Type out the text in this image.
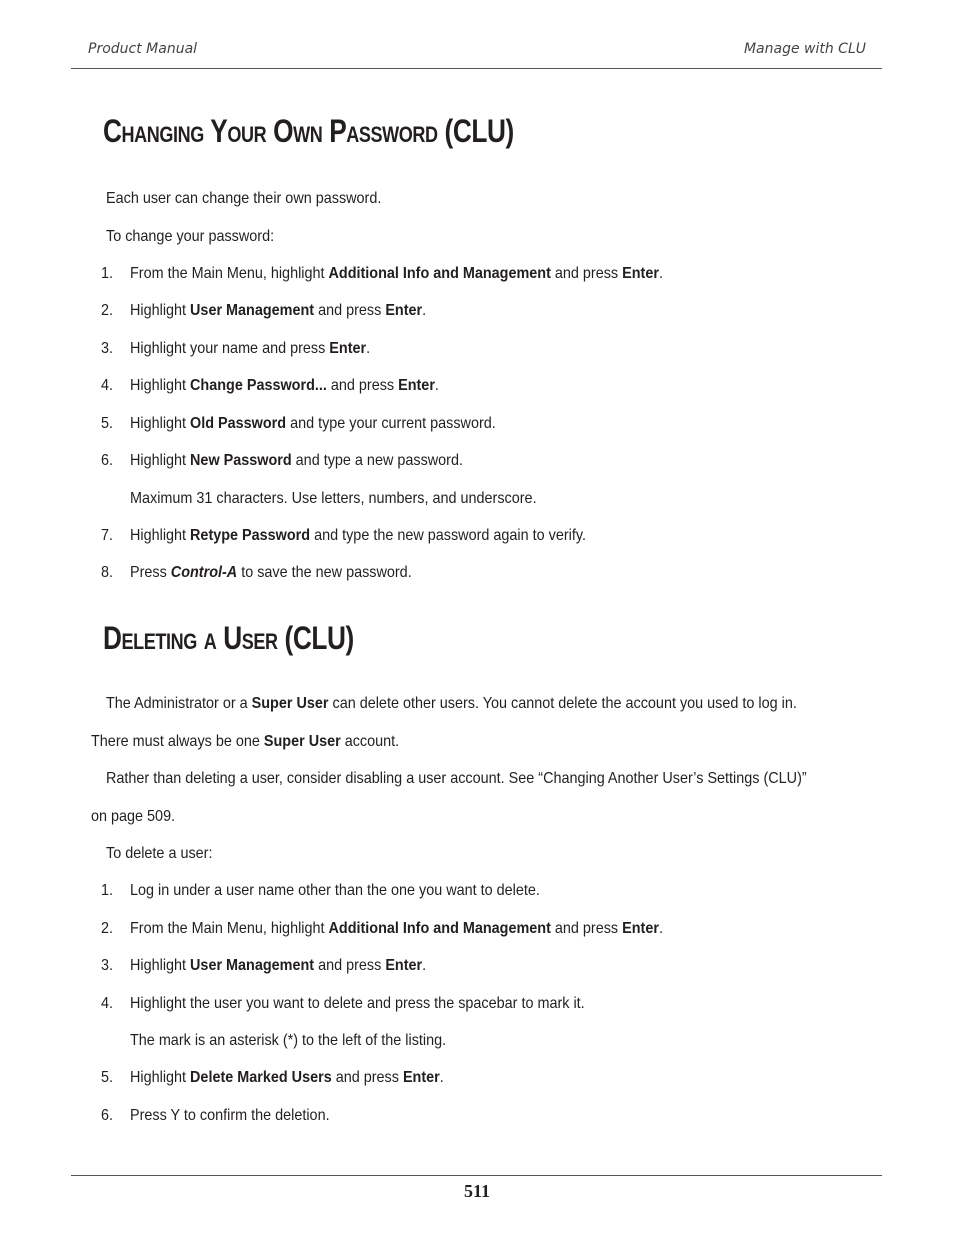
Product Manual	Manage with CLU
CHANGING YOUR OWN PASSWORD (CLU)
Each user can change their own password.
To change your password:
1. From the Main Menu, highlight Additional Info and Management and press Enter.
2. Highlight User Management and press Enter.
3. Highlight your name and press Enter.
4. Highlight Change Password... and press Enter.
5. Highlight Old Password and type your current password.
6. Highlight New Password and type a new password.
Maximum 31 characters. Use letters, numbers, and underscore.
7. Highlight Retype Password and type the new password again to verify.
8. Press Control-A to save the new password.
DELETING A USER (CLU)
The Administrator or a Super User can delete other users. You cannot delete the account you used to log in.
There must always be one Super User account.
Rather than deleting a user, consider disabling a user account. See “Changing Another User’s Settings (CLU)”
on page 509.
To delete a user:
1. Log in under a user name other than the one you want to delete.
2. From the Main Menu, highlight Additional Info and Management and press Enter.
3. Highlight User Management and press Enter.
4. Highlight the user you want to delete and press the spacebar to mark it.
The mark is an asterisk (*) to the left of the listing.
5. Highlight Delete Marked Users and press Enter.
6. Press Y to confirm the deletion.
511
